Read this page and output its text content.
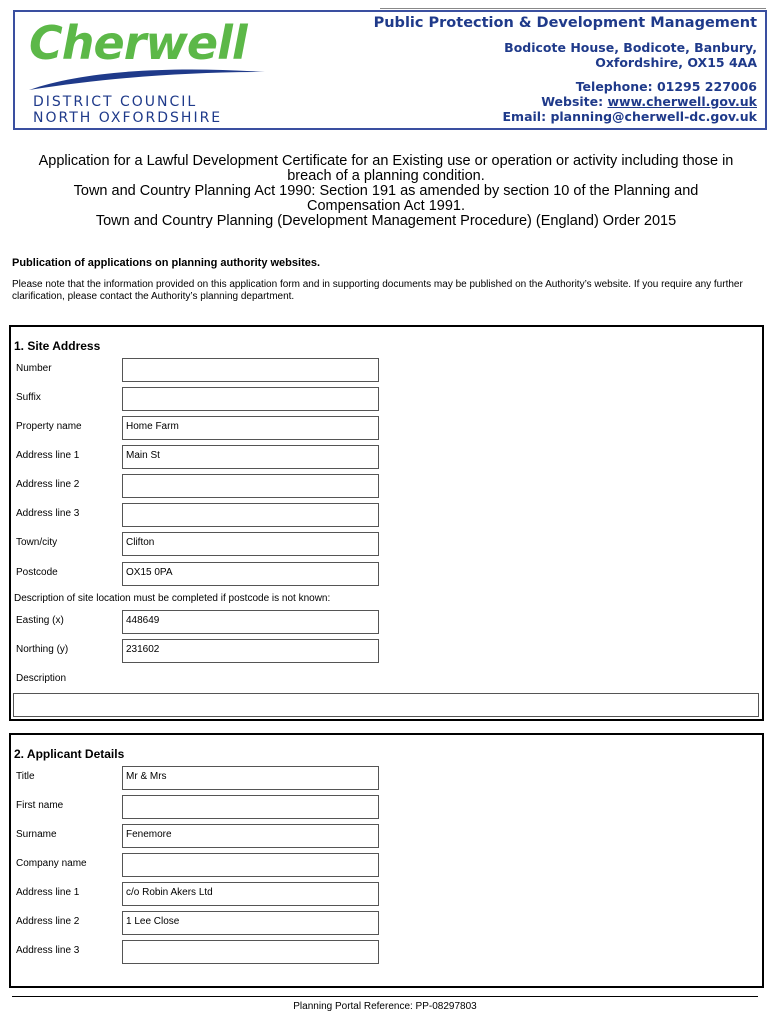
Cherwell
DISTRICT COUNCIL
NORTH OXFORDSHIRE
Public Protection & Development Management
Bodicote House, Bodicote, Banbury,
Oxfordshire, OX15 4AA
Telephone: 01295 227006
Website: www.cherwell.gov.uk
Email: planning@cherwell-dc.gov.uk
Application for a Lawful Development Certificate for an Existing use or operation or activity including those in
breach of a planning condition.
Town and Country Planning Act 1990: Section 191 as amended by section 10 of the Planning and
Compensation Act 1991.
Town and Country Planning (Development Management Procedure) (England) Order 2015
Publication of applications on planning authority websites.
Please note that the information provided on this application form and in supporting documents may be published on the Authority’s website. If you require any further clarification, please contact the Authority’s planning department.
1. Site Address
Number
Suffix
Property name	Home Farm
Address line 1	Main St
Address line 2
Address line 3
Town/city	Clifton
Postcode	OX15 0PA
Description of site location must be completed if postcode is not known:
Easting (x)	448649
Northing (y)	231602
Description
2. Applicant Details
Title	Mr & Mrs
First name
Surname	Fenemore
Company name
Address line 1	c/o Robin Akers Ltd
Address line 2	1 Lee Close
Address line 3
Planning Portal Reference: PP-08297803
